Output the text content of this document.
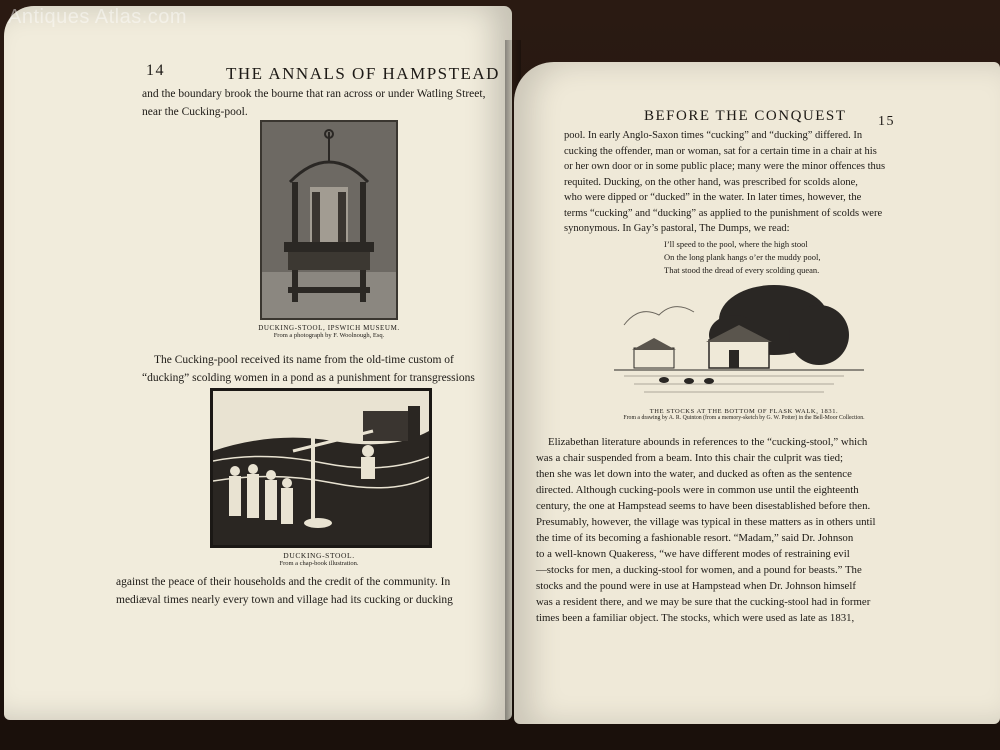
Antiques Atlas.com
14	THE ANNALS OF HAMPSTEAD

and the boundary brook the bourne that ran across or under Watling Street,

near the Cucking-pool.

DUCKING-STOOL, IPSWICH MUSEUM.
From a photograph by F. Woolnough, Esq.

The Cucking-pool received its name from the old-time custom of

“ducking” scolding women in a pond as a punishment for transgressions

DUCKING-STOOL.
From a chap-book illustration.

against the peace of their households and the credit of the community. In

mediæval times nearly every town and village had its cucking or ducking

BEFORE THE CONQUEST 15

pool. In early Anglo-Saxon times “cucking” and “ducking” differed. In

cucking the offender, man or woman, sat for a certain time in a chair at his

or her own door or in some public place; many were the minor offences thus

requited. Ducking, on the other hand, was prescribed for scolds alone,

who were dipped or “ducked” in the water. In later times, however, the

terms “cucking” and “ducking” as applied to the punishment of scolds were

synonymous. In Gay’s pastoral, The Dumps, we read:

I’ll speed to the pool, where the high stool
On the long plank hangs o’er the muddy pool,
That stood the dread of every scolding quean.
THE STOCKS AT THE BOTTOM OF FLASK WALK, 1831.
From a drawing by A. R. Quinton (from a memory-sketch by G. W. Potter) in the Bell-Moor Collection.

Elizabethan literature abounds in references to the “cucking-stool,” which

was a chair suspended from a beam. Into this chair the culprit was tied;

then she was let down into the water, and ducked as often as the sentence

directed. Although cucking-pools were in common use until the eighteenth

century, the one at Hampstead seems to have been disestablished before then.

Presumably, however, the village was typical in these matters as in others until

the time of its becoming a fashionable resort. “Madam,” said Dr. Johnson

to a well-known Quakeress, “we have different modes of restraining evil

—stocks for men, a ducking-stool for women, and a pound for beasts.” The

stocks and the pound were in use at Hampstead when Dr. Johnson himself

was a resident there, and we may be sure that the cucking-stool had in former

times been a familiar object. The stocks, which were used as late as 1831,
